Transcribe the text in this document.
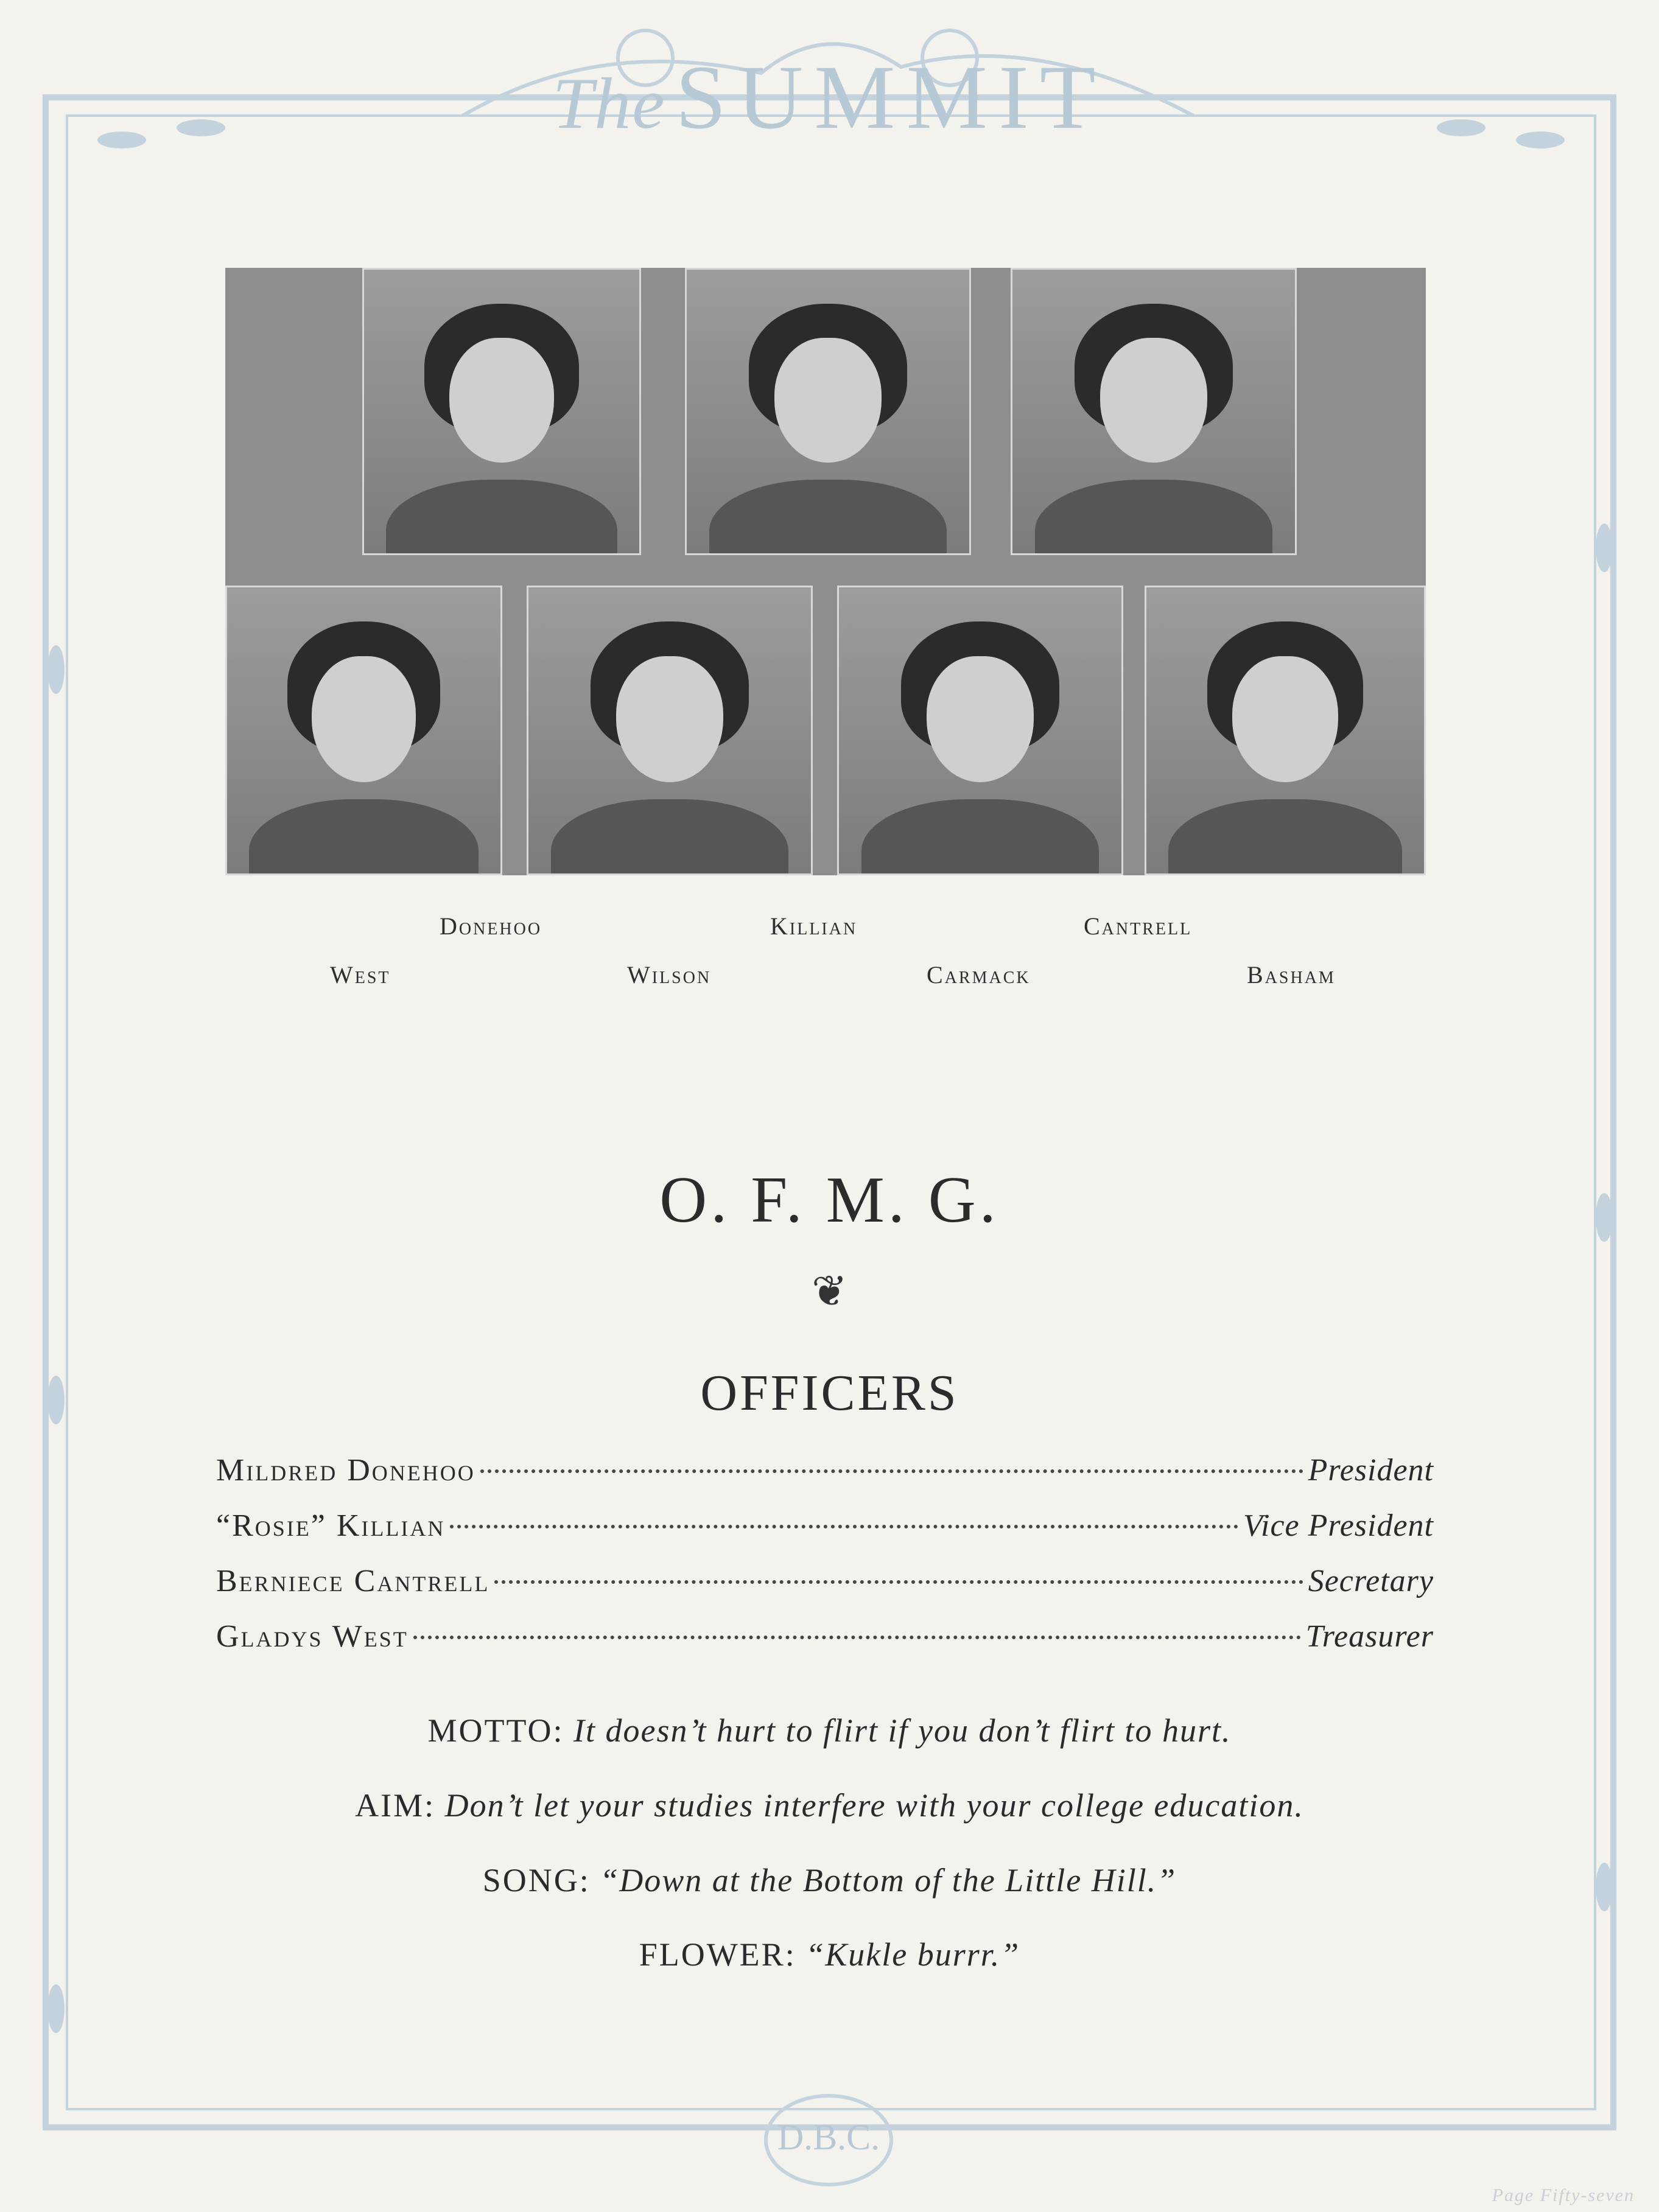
The SUMMIT
Donehoo	Killian	Cantrell
West	Wilson	Carmack	Basham
O. F. M. G.
❦
OFFICERS
Mildred Donehoo	President
“Rosie” Killian	Vice President
Berniece Cantrell	Secretary
Gladys West	Treasurer
MOTTO: It doesn’t hurt to flirt if you don’t flirt to hurt.
AIM: Don’t let your studies interfere with your college education.
SONG: “Down at the Bottom of the Little Hill.”
FLOWER: “Kukle burrr.”
D.B.C.
Page Fifty-seven
